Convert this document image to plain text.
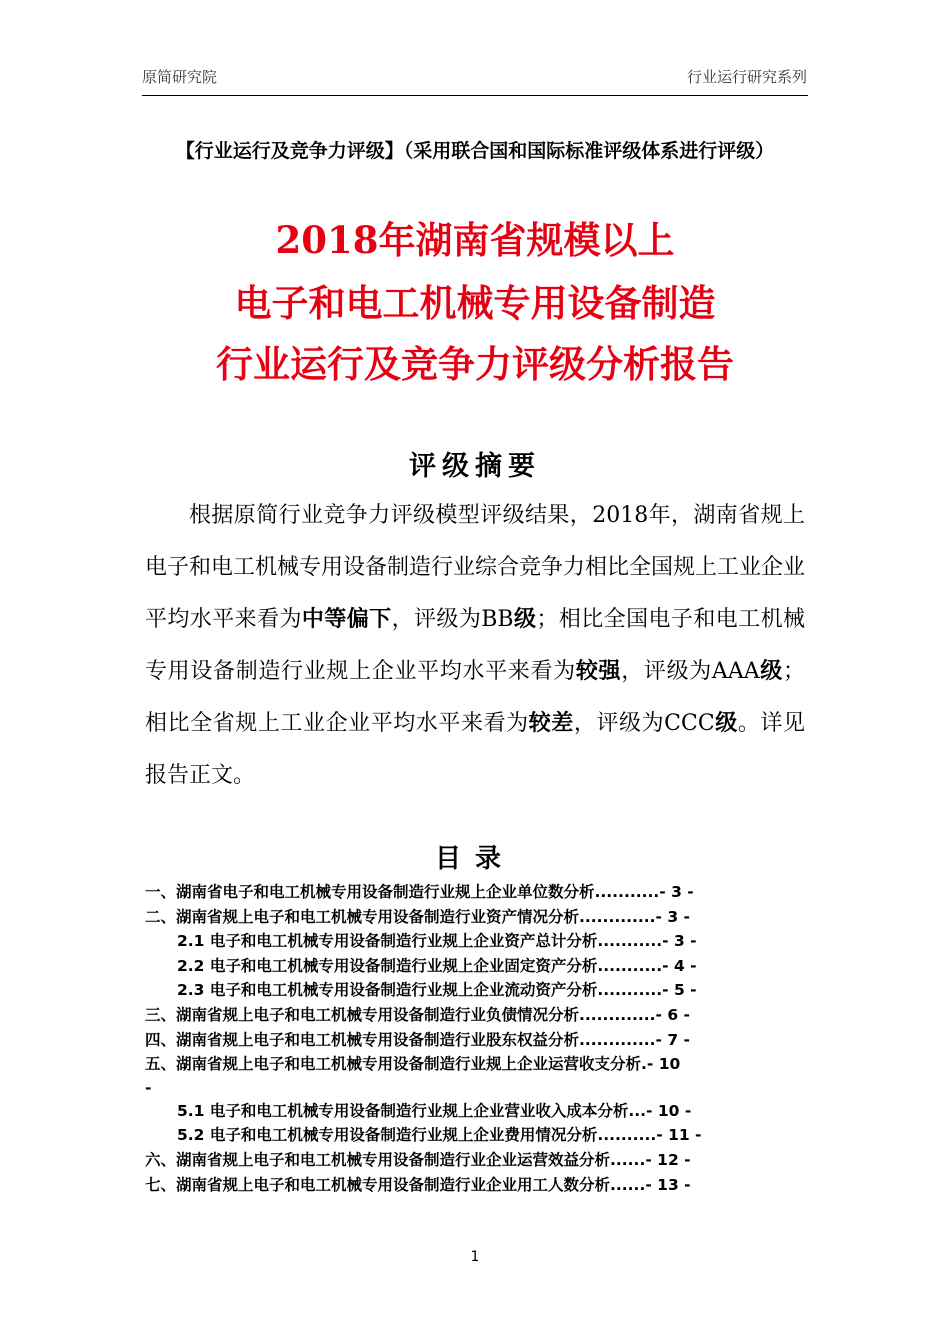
原简研究院	行业运行研究系列
【行业运行及竞争力评级】（采用联合国和国际标准评级体系进行评级）
2018年湖南省规模以上
电子和电工机械专用设备制造
行业运行及竞争力评级分析报告
评级摘要

根据原简行业竞争力评级模型评级结果，2018年，湖南省规上电子和电工机械专用设备制造行业综合竞争力相比全国规上工业企业平均水平来看为中等偏下，评级为BB级；相比全国电子和电工机械专用设备制造行业规上企业平均水平来看为较强，评级为AAA级；相比全省规上工业企业平均水平来看为较差，评级为CCC级。详见报告正文。

目录
一、湖南省电子和电工机械专用设备制造行业规上企业单位数分析...........- 3 -
二、湖南省规上电子和电工机械专用设备制造行业资产情况分析.............- 3 -
2.1 电子和电工机械专用设备制造行业规上企业资产总计分析...........- 3 -
2.2 电子和电工机械专用设备制造行业规上企业固定资产分析...........- 4 -
2.3 电子和电工机械专用设备制造行业规上企业流动资产分析...........- 5 -
三、湖南省规上电子和电工机械专用设备制造行业负债情况分析.............- 6 -
四、湖南省规上电子和电工机械专用设备制造行业股东权益分析.............- 7 -
五、湖南省规上电子和电工机械专用设备制造行业规上企业运营收支分析.- 10
-
5.1 电子和电工机械专用设备制造行业规上企业营业收入成本分析...- 10 -
5.2 电子和电工机械专用设备制造行业规上企业费用情况分析..........- 11 -
六、湖南省规上电子和电工机械专用设备制造行业企业运营效益分析......- 12 -
七、湖南省规上电子和电工机械专用设备制造行业企业用工人数分析......- 13 -
1
